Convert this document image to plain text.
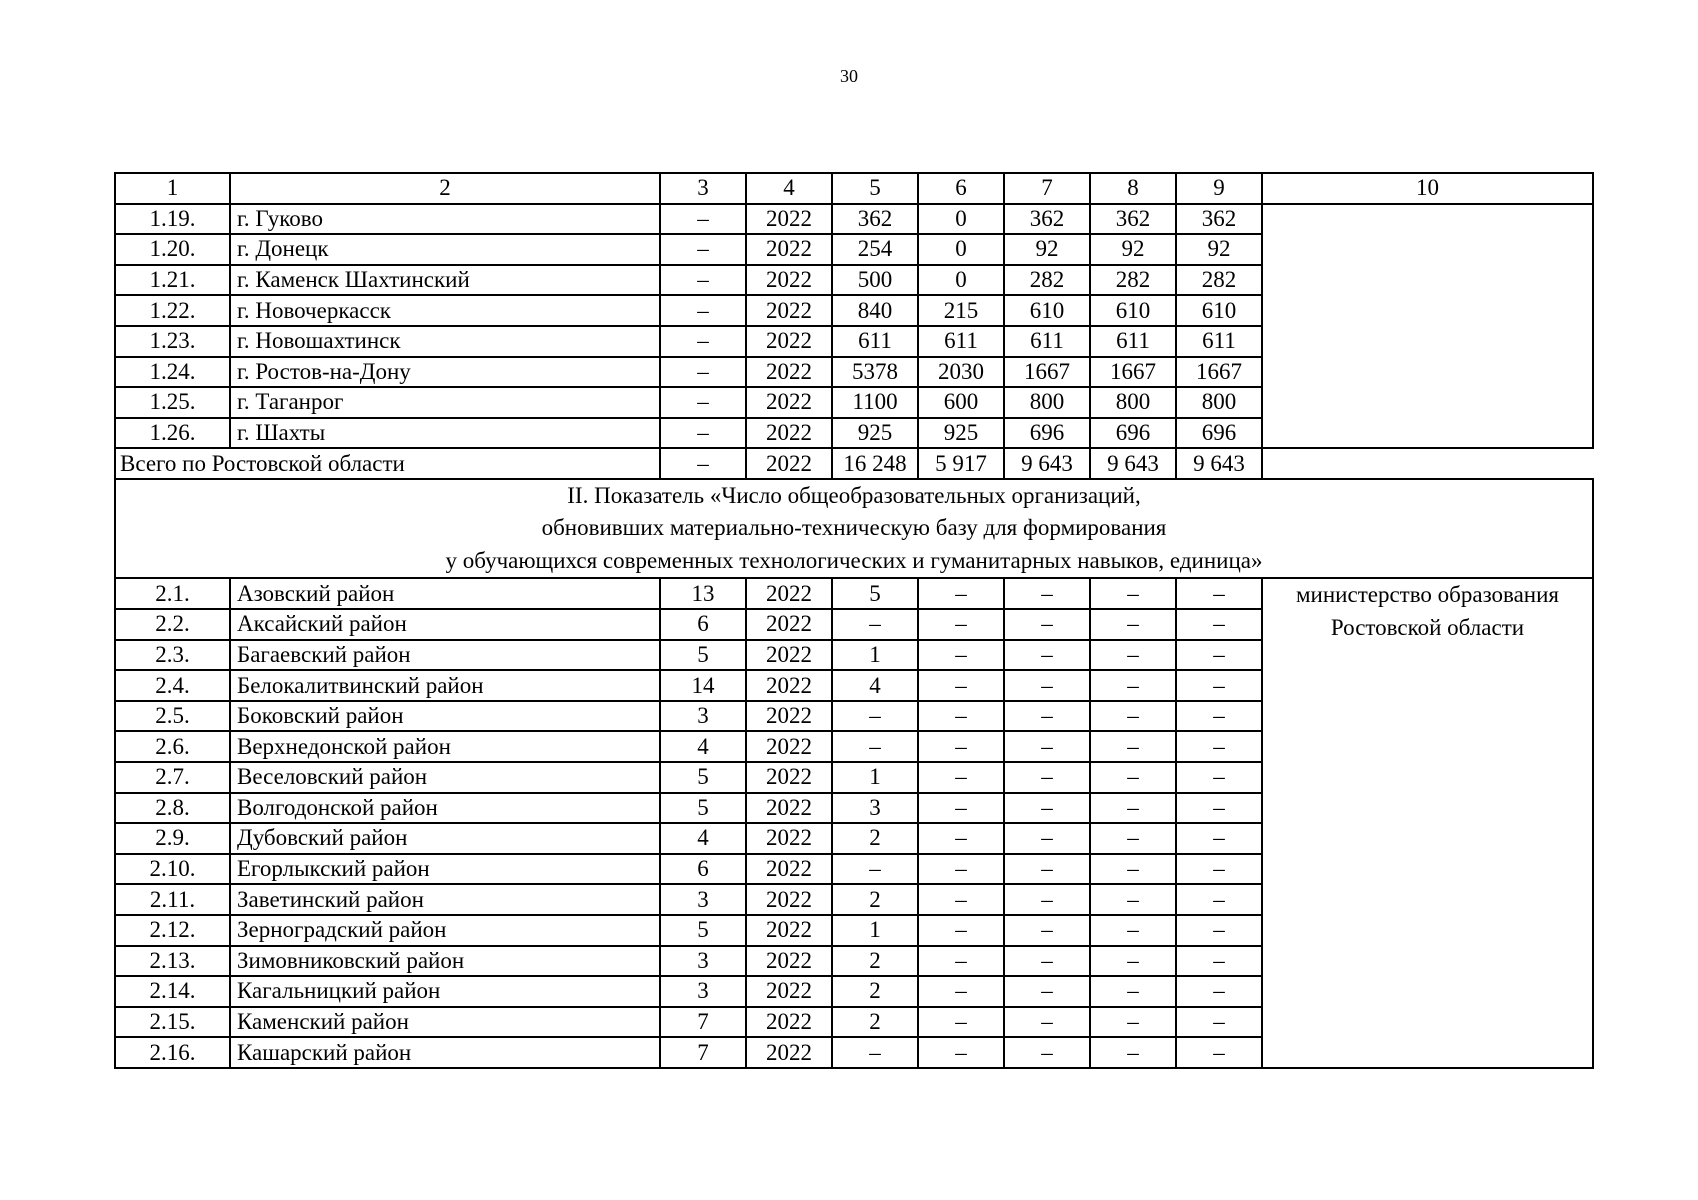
30
1	2	3	4	5	6	7	8	9	10
1.19.	г. Гуково	–	2022	362	0	362	362	362	
1.20.	г. Донецк	–	2022	254	0	92	92	92	
1.21.	г. Каменск Шахтинский	–	2022	500	0	282	282	282	
1.22.	г. Новочеркасск	–	2022	840	215	610	610	610	
1.23.	г. Новошахтинск	–	2022	611	611	611	611	611	
1.24.	г. Ростов-на-Дону	–	2022	5378	2030	1667	1667	1667	
1.25.	г. Таганрог	–	2022	1100	600	800	800	800	
1.26.	г. Шахты	–	2022	925	925	696	696	696	
Всего по Ростовской области		–	2022	16 248	5 917	9 643	9 643	9 643	

II. Показатель «Число общеобразовательных организаций,
обновивших материально-техническую базу для формирования
у обучающихся современных технологических и гуманитарных навыков, единица»									

2.1.	Азовский район	13	2022	5	–	–	–	–	министерство образования Ростовской области
2.2.	Аксайский район	6	2022	–	–	–	–	–	
2.3.	Багаевский район	5	2022	1	–	–	–	–	
2.4.	Белокалитвинский район	14	2022	4	–	–	–	–	
2.5.	Боковский район	3	2022	–	–	–	–	–	
2.6.	Верхнедонской район	4	2022	–	–	–	–	–	
2.7.	Веселовский район	5	2022	1	–	–	–	–	
2.8.	Волгодонской район	5	2022	3	–	–	–	–	
2.9.	Дубовский район	4	2022	2	–	–	–	–	
2.10.	Егорлыкский район	6	2022	–	–	–	–	–	
2.11.	Заветинский район	3	2022	2	–	–	–	–	
2.12.	Зерноградский район	5	2022	1	–	–	–	–	
2.13.	Зимовниковский район	3	2022	2	–	–	–	–	
2.14.	Кагальницкий район	3	2022	2	–	–	–	–	
2.15.	Каменский район	7	2022	2	–	–	–	–	
2.16.	Кашарский район	7	2022	–	–	–	–	–	
